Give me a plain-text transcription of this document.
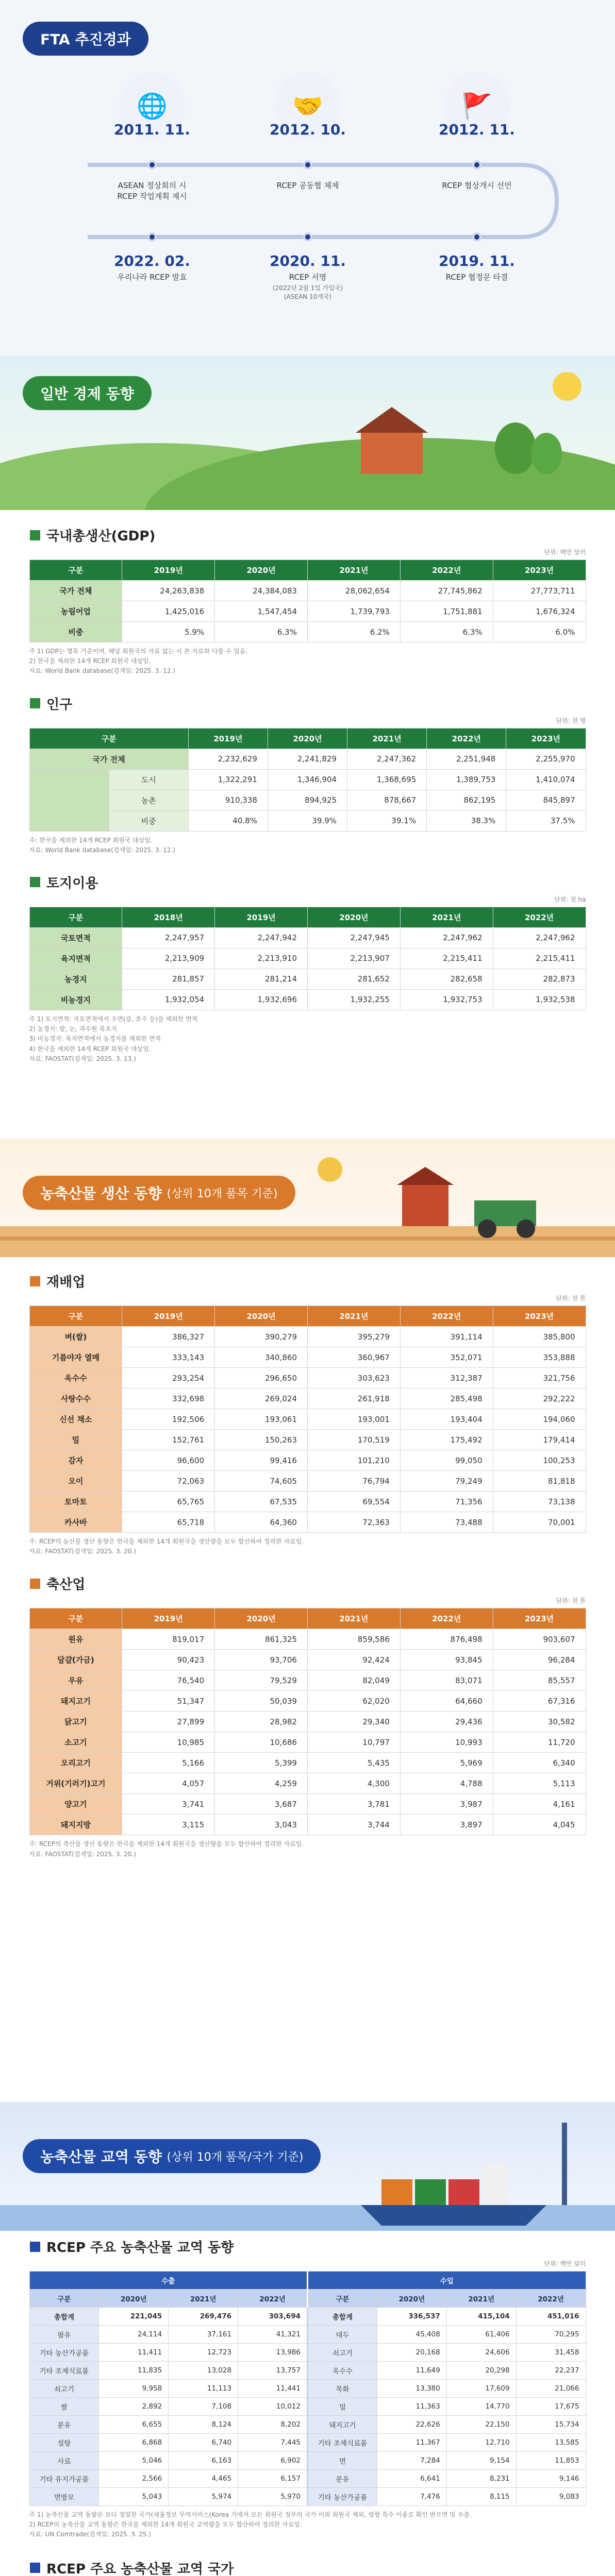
FTA 추진경과
🌐	🤝	🚩
2011. 11.
ASEAN 정상회의 시
RCEP 작업계획 제시
2012. 10.
RCEP 공동협 체제
2012. 11.
RCEP 협상개시 선언
2022. 02.
우리나라 RCEP 발효
2020. 11.
RCEP 서명
(2022년 2월 1일 가입국)
(ASEAN 10개국)
2019. 11.
RCEP 협정문 타결
일반 경제 동향
국내총생산(GDP)
단위: 백만 달러
구분	2019년	2020년	2021년	2022년	2023년
국가 전체	24,263,838	24,384,083	28,062,654	27,745,862	27,773,711
농림어업	1,425,016	1,547,454	1,739,793	1,751,881	1,676,324
비중	5.9%	6.3%	6.2%	6.3%	6.0%
주 1) GDP는 명목 기준이며, 해당 회원국의 자료 없는 시 본 자료와 다를 수 있음.
2) 한국을 제외한 14개 RCEP 회원국 대상임.
자료: World Bank database(검색일: 2025. 3. 12.)
인구
단위: 천 명
구분		2019년	2020년	2021년	2022년	2023년
국가 전체		2,232,629	2,241,829	2,247,362	2,251,948	2,255,970
	도시	1,322,291	1,346,904	1,368,695	1,389,753	1,410,074
	농촌	910,338	894,925	878,667	862,195	845,897
	비중	40.8%	39.9%	39.1%	38.3%	37.5%
주: 한국을 제외한 14개 RCEP 회원국 대상임.
자료: World Bank database(검색일: 2025. 3. 12.)
토지이용
단위: 천 ha
구분	2018년	2019년	2020년	2021년	2022년
국토면적	2,247,957	2,247,942	2,247,945	2,247,962	2,247,962
육지면적	2,213,909	2,213,910	2,213,907	2,215,411	2,215,411
농경지	281,857	281,214	281,652	282,658	282,873
비농경지	1,932,054	1,932,696	1,932,255	1,932,753	1,932,538
주 1) 토지면적: 국토면적에서 수면(강, 호수 등)을 제외한 면적
2) 농경지: 밭, 논, 과수원 목초지
3) 비농경지: 육지면적에서 농경지를 제외한 면적
4) 한국을 제외한 14개 RCEP 회원국 대상임.
자료: FAOSTAT(검색일: 2025. 3. 13.)
농축산물 생산 동향
(상위 10개 품목 기준)
재배업
단위: 천 톤
구분	2019년	2020년	2021년	2022년	2023년
벼(쌀)	386,327	390,279	395,279	391,114	385,800
기름야자 열매	333,143	340,860	360,967	352,071	353,888
옥수수	293,254	296,650	303,623	312,387	321,756
사탕수수	332,698	269,024	261,918	285,498	292,222
신선 채소	192,506	193,061	193,001	193,404	194,060
밀	152,761	150,263	170,519	175,492	179,414
감자	96,600	99,416	101,210	99,050	100,253
오이	72,063	74,605	76,794	79,249	81,818
토마토	65,765	67,535	69,554	71,356	73,138
카사바	65,718	64,360	72,363	73,488	70,001
주: RCEP의 농산물 생산 동향은 한국을 제외한 14개 회원국을 생산량을 모두 합산하여 정리한 자료임.
자료: FAOSTAT(검색일: 2025. 3. 20.)
축산업
단위: 천 톤
구분	2019년	2020년	2021년	2022년	2023년
원유	819,017	861,325	859,586	876,498	903,607
달걀(가금)	90,423	93,706	92,424	93,845	96,284
우유	76,540	79,529	82,049	83,071	85,557
돼지고기	51,347	50,039	62,020	64,660	67,316
닭고기	27,899	28,982	29,340	29,436	30,582
소고기	10,985	10,686	10,797	10,993	11,720
오리고기	5,166	5,399	5,435	5,969	6,340
거위(기러기)고기	4,057	4,259	4,300	4,788	5,113
양고기	3,741	3,687	3,781	3,987	4,161
돼지지방	3,115	3,043	3,744	3,897	4,045
주: RCEP의 축산물 생산 동향은 한국을 제외한 14개 회원국을 생산량을 모두 합산하여 정리한 자료임.
자료: FAOSTAT(검색일: 2025. 3. 20.)
농축산물 교역 동향
(상위 10개 품목/국가 기준)
RCEP 주요 농축산물 교역 동향
단위: 백만 달러
수출				수입			
구분	2020년	2021년	2022년	구분	2020년	2021년	2022년
총합계	221,045	269,476	303,694	총합계	336,537	415,104	451,016
팜유	24,114	37,161	41,321	대두	45,408	61,406	70,295
기타 농산가공품	11,411	12,723	13,986	쇠고기	20,168	24,606	31,458
기타 조제식료품	11,835	13,028	13,757	옥수수	11,649	20,298	22,237
쇠고기	9,958	11,113	11,441	목화	13,380	17,609	21,066
쌀	2,892	7,108	10,012	밀	11,363	14,770	17,675
분유	6,655	8,124	8,202	돼지고기	22,626	22,150	15,734
설탕	6,868	6,740	7,445	기타 조제식료품	11,367	12,710	13,585
사료	5,046	6,163	6,902	면	7,284	9,154	11,853
기타 유지가공품	2,566	4,465	6,157	분유	6,641	8,231	9,146
면방모	5,043	5,974	5,970	기타 농산가공품	7,476	8,115	9,083
주 1) 농축산물 교역 동향은 보다 정밀한 국가(세율정보 무역서비스(Korea 기에서 모든 회원국 정부의 국가 이외 회원국 제외, 영향 특수 이용로 확인 받으면 및 수출.
2) RCEP의 농축산물 교역 동향은 한국을 제외한 14개 회원국 교역량을 모두 합산하여 정리한 자료임.
자료: UN Comtrade(검색일: 2025. 3. 25.)
RCEP 주요 농축산물 교역 국가
